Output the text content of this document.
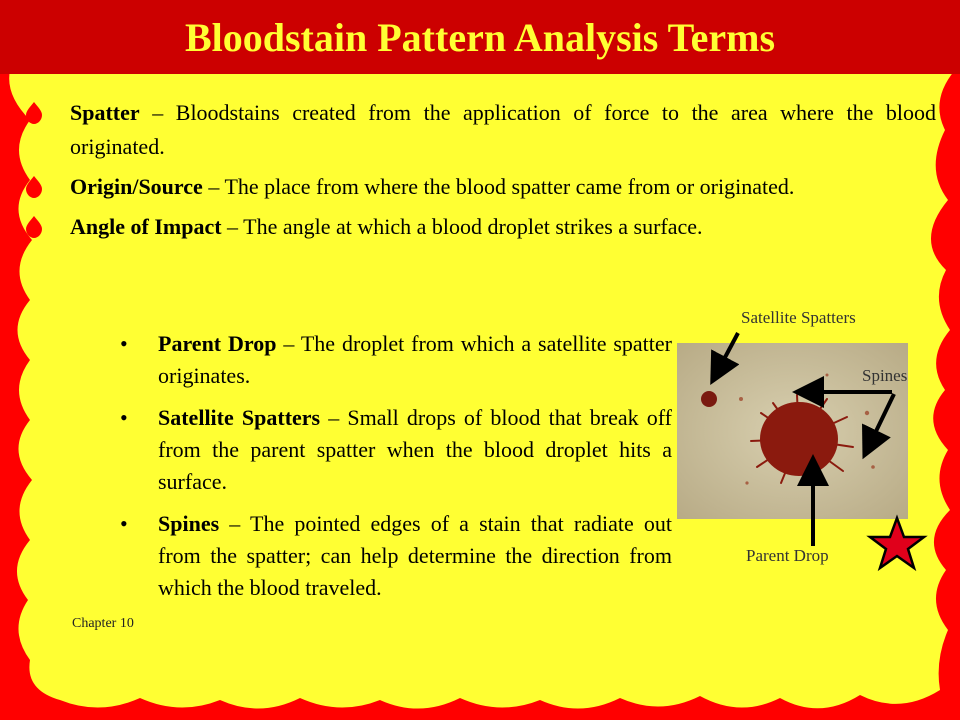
Bloodstain Pattern Analysis Terms
Spatter – Bloodstains created from the application of force to the area where the blood originated.
Origin/Source – The place from where the blood spatter came from or originated.
Angle of Impact – The angle at which a blood droplet strikes a surface.
• Parent Drop – The droplet from which a satellite spatter originates.
• Satellite Spatters – Small drops of blood that break off from the parent spatter when the blood droplet hits a surface.
• Spines – The pointed edges of a stain that radiate out from the spatter; can help determine the direction from which the blood traveled.
Chapter 10
Satellite Spatters
Spines
Parent Drop
